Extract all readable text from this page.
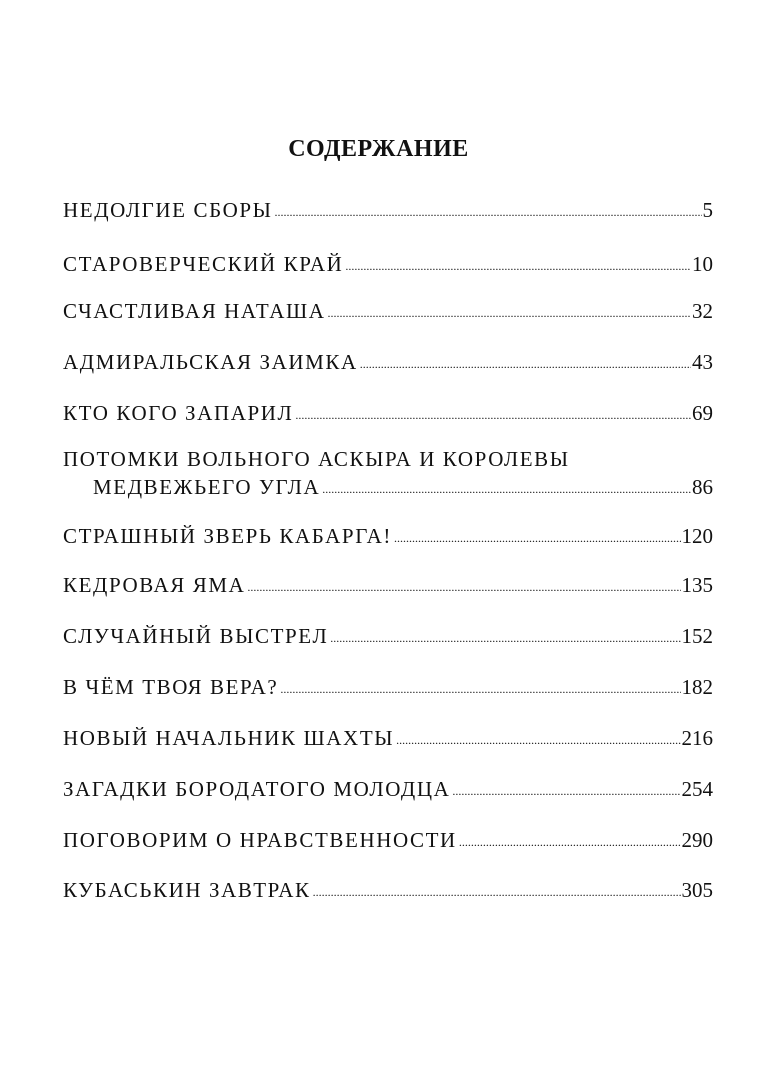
СОДЕРЖАНИЕ
НЕДОЛГИЕ СБОРЫ .....	5
СТАРОВЕРЧЕСКИЙ КРАЙ .....	10
СЧАСТЛИВАЯ НАТАША .....	32
АДМИРАЛЬСКАЯ ЗАИМКА .....	43
КТО КОГО ЗАПАРИЛ .....	69
ПОТОМКИ ВОЛЬНОГО АСКЫРА И КОРОЛЕВЫ
МЕДВЕЖЬЕГО УГЛА .....	86
СТРАШНЫЙ ЗВЕРЬ КАБАРГА! .....	120
КЕДРОВАЯ ЯМА .....	135
СЛУЧАЙНЫЙ ВЫСТРЕЛ .....	152
В ЧЁМ ТВОЯ ВЕРА? .....	182
НОВЫЙ НАЧАЛЬНИК ШАХТЫ .....	216
ЗАГАДКИ БОРОДАТОГО МОЛОДЦА .....	254
ПОГОВОРИМ О НРАВСТВЕННОСТИ .....	290
КУБАСЬКИН ЗАВТРАК .....	305
